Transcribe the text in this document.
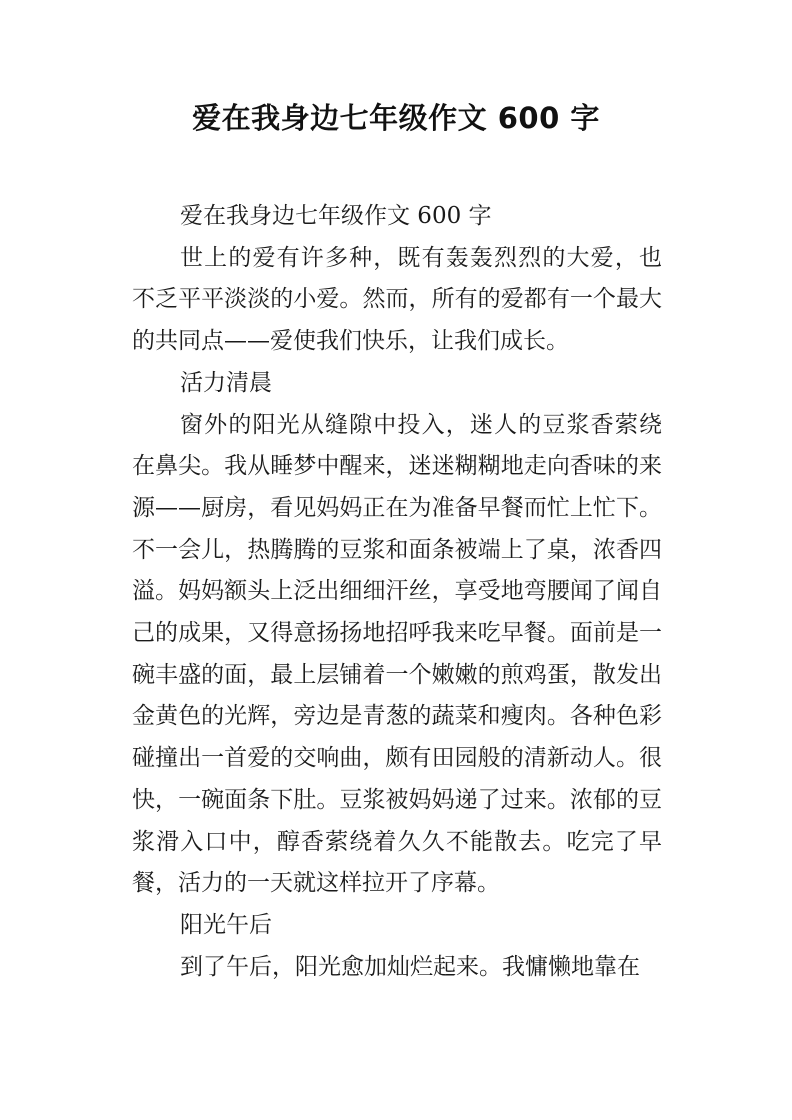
爱在我身边七年级作文 600 字

爱在我身边七年级作文 600 字

世上的爱有许多种，既有轰轰烈烈的大爱，也不乏平平淡淡的小爱。然而，所有的爱都有一个最大的共同点——爱使我们快乐，让我们成长。

活力清晨

窗外的阳光从缝隙中投入，迷人的豆浆香萦绕在鼻尖。我从睡梦中醒来，迷迷糊糊地走向香味的来源——厨房，看见妈妈正在为准备早餐而忙上忙下。不一会儿，热腾腾的豆浆和面条被端上了桌，浓香四溢。妈妈额头上泛出细细汗丝，享受地弯腰闻了闻自己的成果，又得意扬扬地招呼我来吃早餐。面前是一碗丰盛的面，最上层铺着一个嫩嫩的煎鸡蛋，散发出金黄色的光辉，旁边是青葱的蔬菜和瘦肉。各种色彩碰撞出一首爱的交响曲，颇有田园般的清新动人。很快，一碗面条下肚。豆浆被妈妈递了过来。浓郁的豆浆滑入口中，醇香萦绕着久久不能散去。吃完了早餐，活力的一天就这样拉开了序幕。

阳光午后

到了午后，阳光愈加灿烂起来。我慵懒地靠在
